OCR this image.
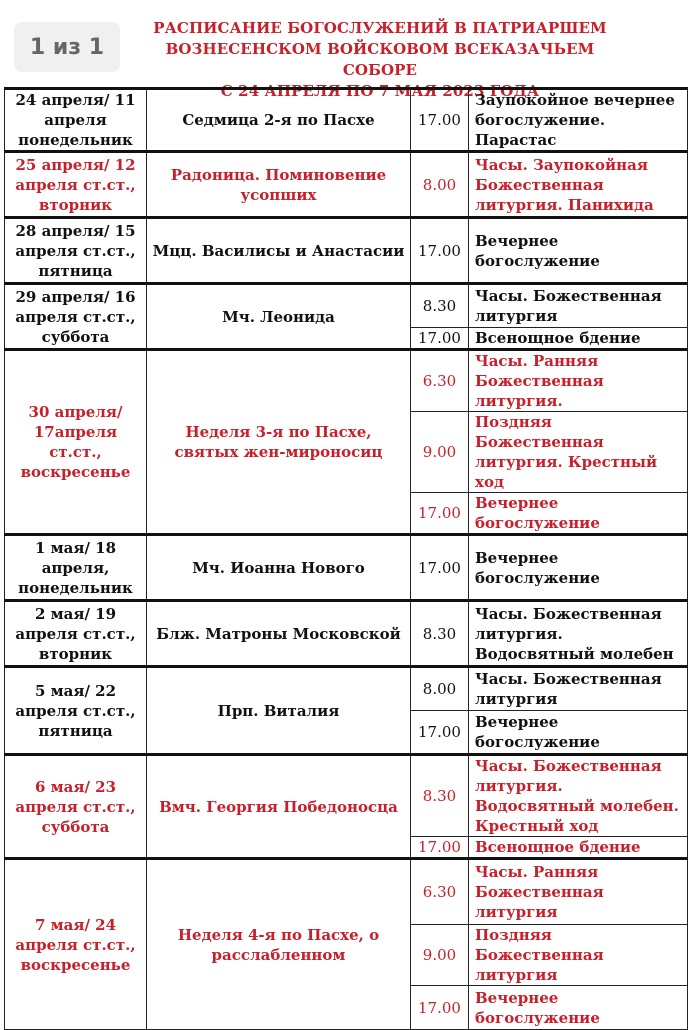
1 из 1
РАСПИСАНИЕ БОГОСЛУЖЕНИЙ В ПАТРИАРШЕМ
ВОЗНЕСЕНСКОМ ВОЙСКОВОМ ВСЕКАЗАЧЬЕМ СОБОРЕ
С 24 АПРЕЛЯ ПО 7 МАЯ 2023 ГОДА
24 апреля/ 11 апреля понедельник	Седмица 2-я по Пасхе	17.00	Заупокойное вечернее богослужение. Парастас
25 апреля/ 12 апреля ст.ст., вторник	Радоница. Поминовение усопших	8.00	Часы. Заупокойная Божественная литургия. Панихида
28 апреля/ 15 апреля ст.ст., пятница	Мцц. Василисы и Анастасии	17.00	Вечернее богослужение
29 апреля/ 16 апреля ст.ст., суббота	Мч. Леонида	8.30	Часы. Божественная литургия
		17.00	Всенощное бдение
30 апреля/ 17апреля ст.ст., воскресенье	Неделя 3-я по Пасхе, святых жен-мироносиц	6.30	Часы. Ранняя Божественная литургия.
		9.00	Поздняя Божественная литургия. Крестный ход
		17.00	Вечернее богослужение
1 мая/ 18 апреля, понедельник	Мч. Иоанна Нового	17.00	Вечернее богослужение
2 мая/ 19 апреля ст.ст., вторник	Блж. Матроны Московской	8.30	Часы. Божественная литургия. Водосвятный молебен
5 мая/ 22 апреля ст.ст., пятница	Прп. Виталия	8.00	Часы. Божественная литургия
		17.00	Вечернее богослужение
6 мая/ 23 апреля ст.ст., суббота	Вмч. Георгия Победоносца	8.30	Часы. Божественная литургия. Водосвятный молебен. Крестный ход
		17.00	Всенощное бдение
7 мая/ 24 апреля ст.ст., воскресенье	Неделя 4-я по Пасхе, о расслабленном	6.30	Часы. Ранняя Божественная литургия
		9.00	Поздняя Божественная литургия
		17.00	Вечернее богослужение
